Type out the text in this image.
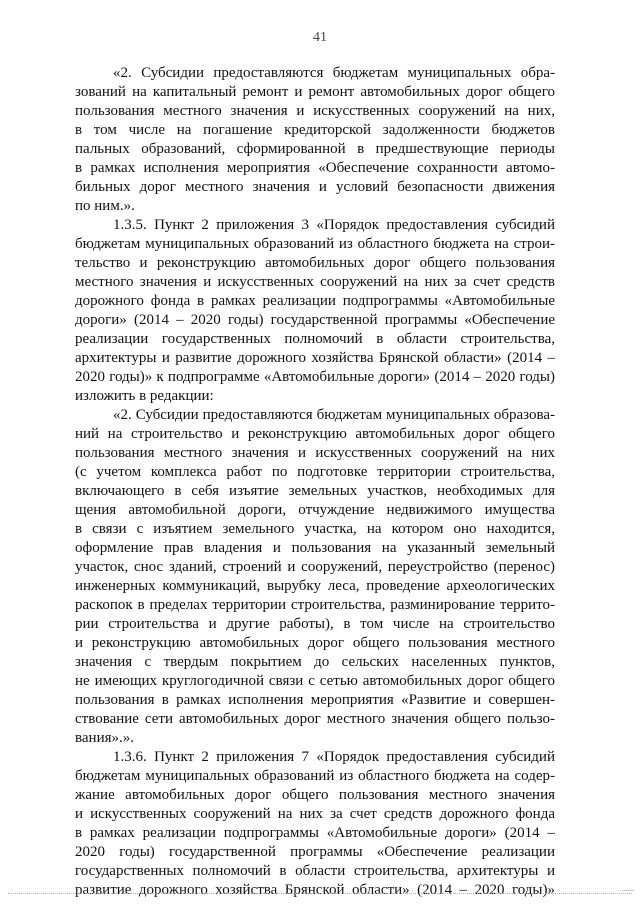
41
«2. Субсидии предоставляются бюджетам муниципальных обра-
зований на капитальный ремонт и ремонт автомобильных дорог общего
пользования местного значения и искусственных сооружений на них,
в том числе на погашение кредиторской задолженности бюджетов
пальных образований, сформированной в предшествующие периоды
в рамках исполнения мероприятия «Обеспечение сохранности автомо-
бильных дорог местного значения и условий безопасности движения
по ним.».
1.3.5. Пункт 2 приложения 3 «Порядок предоставления субсидий
бюджетам муниципальных образований из областного бюджета на строи-
тельство и реконструкцию автомобильных дорог общего пользования
местного значения и искусственных сооружений на них за счет средств
дорожного фонда в рамках реализации подпрограммы «Автомобильные
дороги» (2014 – 2020 годы) государственной программы «Обеспечение
реализации государственных полномочий в области строительства,
архитектуры и развитие дорожного хозяйства Брянской области» (2014 –
2020 годы)» к подпрограмме «Автомобильные дороги» (2014 – 2020 годы)
изложить в редакции:
«2. Субсидии предоставляются бюджетам муниципальных образова-
ний на строительство и реконструкцию автомобильных дорог общего
пользования местного значения и искусственных сооружений на них
(с учетом комплекса работ по подготовке территории строительства,
включающего в себя изъятие земельных участков, необходимых для
щения автомобильной дороги, отчуждение недвижимого имущества
в связи с изъятием земельного участка, на котором оно находится,
оформление прав владения и пользования на указанный земельный
участок, снос зданий, строений и сооружений, переустройство (перенос)
инженерных коммуникаций, вырубку леса, проведение археологических
раскопок в пределах территории строительства, разминирование террито-
рии строительства и другие работы), в том числе на строительство
и реконструкцию автомобильных дорог общего пользования местного
значения с твердым покрытием до сельских населенных пунктов,
не имеющих круглогодичной связи с сетью автомобильных дорог общего
пользования в рамках исполнения мероприятия «Развитие и совершен-
ствование сети автомобильных дорог местного значения общего пользо-
вания».».
1.3.6. Пункт 2 приложения 7 «Порядок предоставления субсидий
бюджетам муниципальных образований из областного бюджета на содер-
жание автомобильных дорог общего пользования местного значения
и искусственных сооружений на них за счет средств дорожного фонда
в рамках реализации подпрограммы «Автомобильные дороги» (2014 –
2020 годы) государственной программы «Обеспечение реализации
государственных полномочий в области строительства, архитектуры и
развитие дорожного хозяйства Брянской области» (2014 – 2020 годы)»
